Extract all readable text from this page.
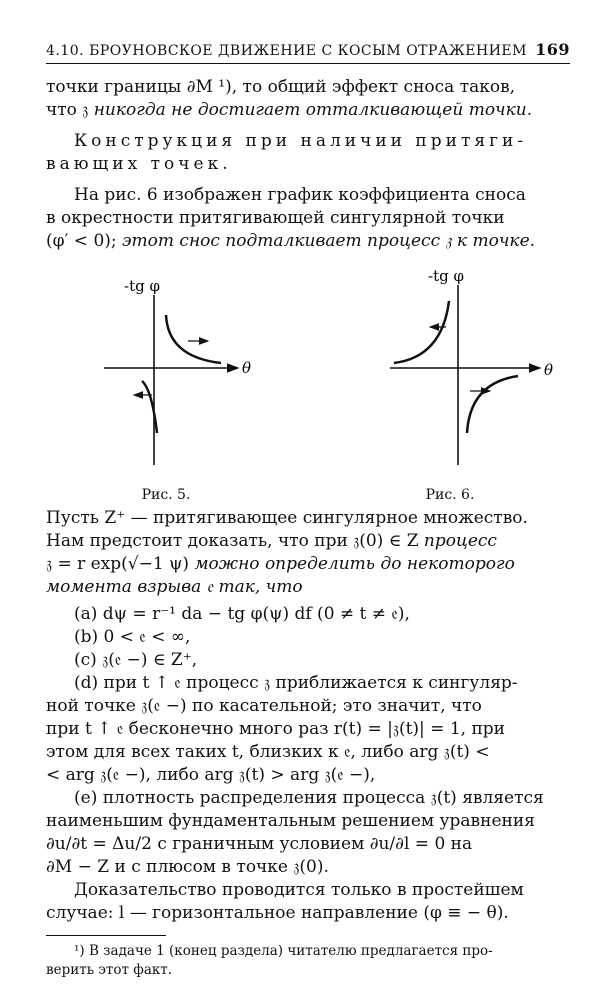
4.10. БРОУНОВСКОЕ ДВИЖЕНИЕ С КОСЫМ ОТРАЖЕНИЕМ 169

точки границы ∂M ¹), то общий эффект сноса таков,

что 𝔷 никогда не достигает отталкивающей точки.

Конструкция при наличии притяги-

вающих точек.

На рис. 6 изображен график коэффициента сноса

в окрестности притягивающей сингулярной точки

(φ′ < 0); этот снос подталкивает процесс 𝔷 к точке.

-tg φ
θ
Рис. 5.
-tg φ
θ
Рис. 6.

Пусть Z⁺ — притягивающее сингулярное множество.

Нам предстоит доказать, что при 𝔷(0) ∈ Z процесс

𝔷 = r exp(√−1 ψ) можно определить до некоторого

момента взрыва 𝔢 так, что

(a) dψ = r⁻¹ da − tg φ(ψ) df (0 ≠ t ≠ 𝔢),

(b) 0 < 𝔢 < ∞,

(c) 𝔷(𝔢 −) ∈ Z⁺,

(d) при t ↑ 𝔢 процесс 𝔷 приближается к сингуляр-

ной точке 𝔷(𝔢 −) по касательной; это значит, что

при t ↑ 𝔢 бесконечно много раз r(t) = |𝔷(t)| = 1, при

этом для всех таких t, близких к 𝔢, либо arg 𝔷(t) <

< arg 𝔷(𝔢 −), либо arg 𝔷(t) > arg 𝔷(𝔢 −),

(e) плотность распределения процесса 𝔷(t) является

наименьшим фундаментальным решением уравнения

∂u/∂t = Δu/2 с граничным условием ∂u/∂l = 0 на

∂M − Z и с плюсом в точке 𝔷(0).

Доказательство проводится только в простейшем

случае: l — горизонтальное направление (φ ≡ − θ).

¹) В задаче 1 (конец раздела) читателю предлагается про-

верить этот факт.
